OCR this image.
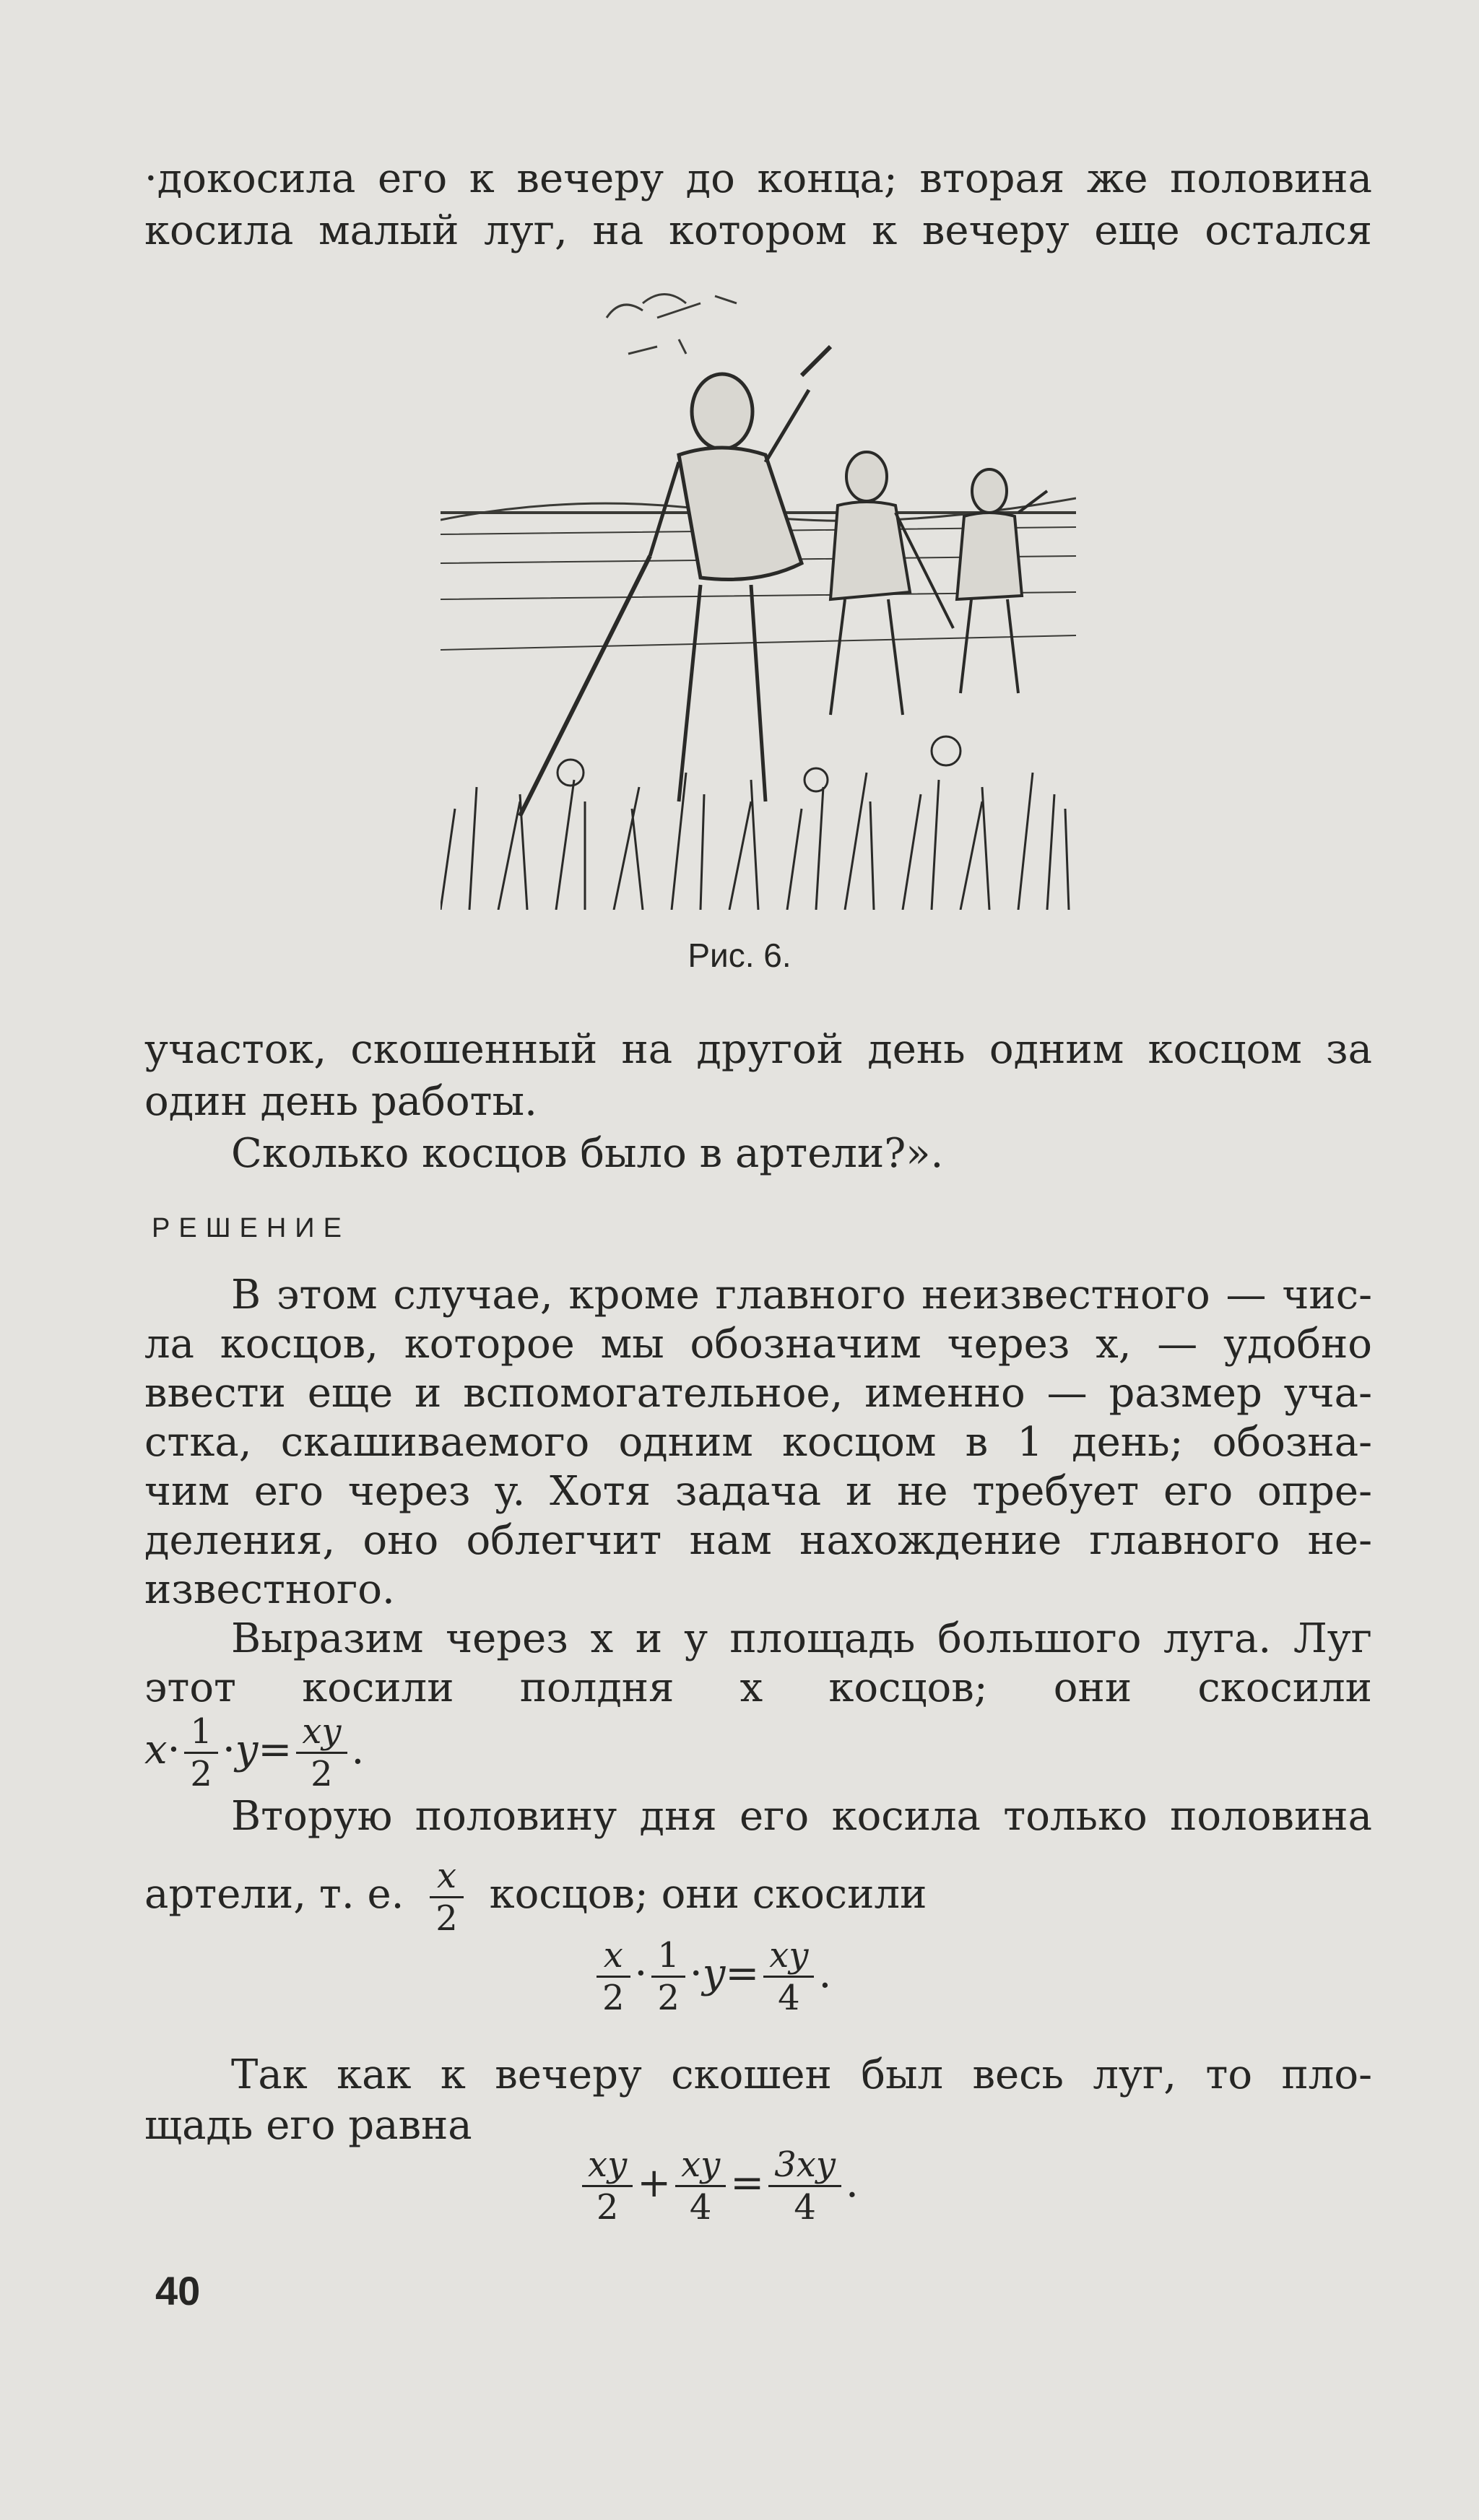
·докосила его к вечеру до конца; вторая же половина
косила малый луг, на котором к вечеру еще остался
Рис. 6.
участок, скошенный на другой день одним косцом за
один день работы.
Сколько косцов было в артели?».
РЕШЕНИЕ
В этом случае, кроме главного неизвестного — чис-
ла косцов, которое мы обозначим через x, — удобно
ввести еще и вспомогательное, именно — размер уча-
стка, скашиваемого одним косцом в 1 день; обозна-
чим его через y. Хотя задача и не требует его опре-
деления, оно облегчит нам нахождение главного не-
известного.
Выразим через x и y площадь большого луга. Луг
этот косили полдня x косцов; они скосили
$x\cdot \frac{1}{2} \cdot y= \frac{xy}{2}$ .
Вторую половину дня его косила только половина
артели, т. е. $\frac{x}{2}$ косцов; они скосили
$\frac{x}{2} \cdot \frac{1}{2} \cdot y= \frac{xy}{4}$ .
Так как к вечеру скошен был весь луг, то пло-
щадь его равна
$\frac{xy}{2} + \frac{xy}{4} = \frac{3xy}{4}$ .
40
